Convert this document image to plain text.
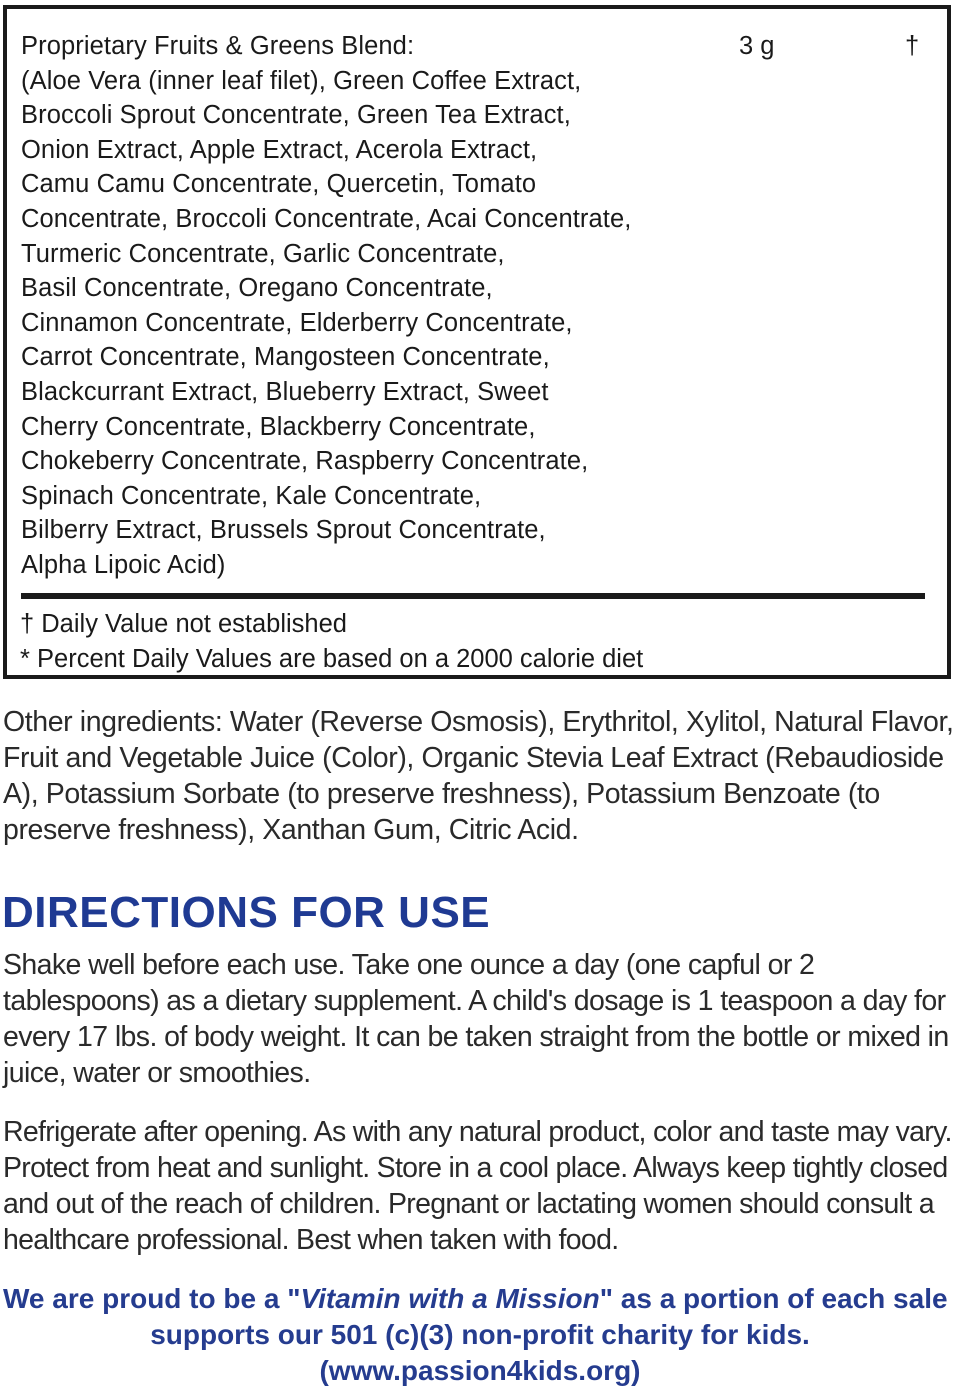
Proprietary Fruits & Greens Blend:
(Aloe Vera (inner leaf filet), Green Coffee Extract,
Broccoli Sprout Concentrate, Green Tea Extract,
Onion Extract, Apple Extract, Acerola Extract,
Camu Camu Concentrate, Quercetin, Tomato
Concentrate, Broccoli Concentrate, Acai Concentrate,
Turmeric Concentrate, Garlic Concentrate,
Basil Concentrate, Oregano Concentrate,
Cinnamon Concentrate, Elderberry Concentrate,
Carrot Concentrate, Mangosteen Concentrate,
Blackcurrant Extract, Blueberry Extract, Sweet
Cherry Concentrate, Blackberry Concentrate,
Chokeberry Concentrate, Raspberry Concentrate,
Spinach Concentrate, Kale Concentrate,
Bilberry Extract, Brussels Sprout Concentrate,
Alpha Lipoic Acid)
3 g	†
† Daily Value not established
* Percent Daily Values are based on a 2000 calorie diet
Other ingredients: Water (Reverse Osmosis), Erythritol, Xylitol, Natural Flavor,
Fruit and Vegetable Juice (Color), Organic Stevia Leaf Extract (Rebaudioside
A), Potassium Sorbate (to preserve freshness), Potassium Benzoate (to
preserve freshness), Xanthan Gum, Citric Acid.
DIRECTIONS FOR USE
Shake well before each use. Take one ounce a day (one capful or 2
tablespoons) as a dietary supplement. A child's dosage is 1 teaspoon a day for
every 17 lbs. of body weight. It can be taken straight from the bottle or mixed in
juice, water or smoothies.
Refrigerate after opening. As with any natural product, color and taste may vary.
Protect from heat and sunlight. Store in a cool place. Always keep tightly closed
and out of the reach of children. Pregnant or lactating women should consult a
healthcare professional. Best when taken with food.
We are proud to be a "Vitamin with a Mission" as a portion of each sale
supports our 501 (c)(3) non-profit charity for kids.
(www.passion4kids.org)
